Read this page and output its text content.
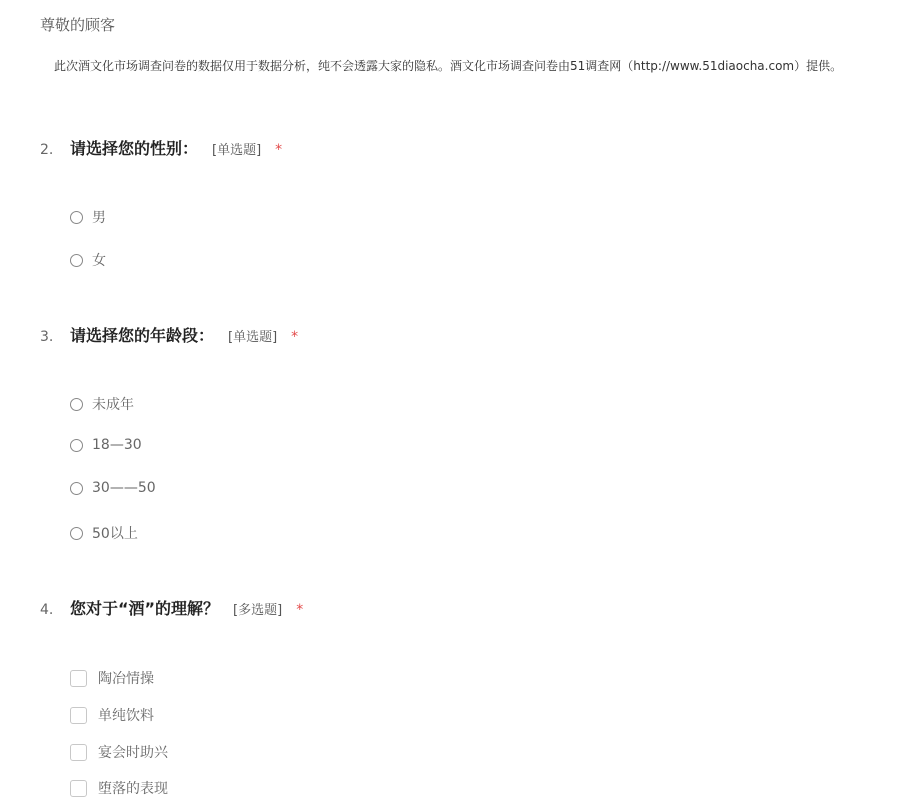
尊敬的顾客
此次酒文化市场调查问卷的数据仅用于数据分析，纯不会透露大家的隐私。酒文化市场调查问卷由51调查网（http://www.51diaocha.com）提供。
2.	请选择您的性别： [单选题] *
男
女
3.	请选择您的年龄段： [单选题] *
未成年
18—30
30——50
50以上
4.	您对于“酒”的理解？ [多选题] *
陶冶情操
单纯饮料
宴会时助兴
堕落的表现
